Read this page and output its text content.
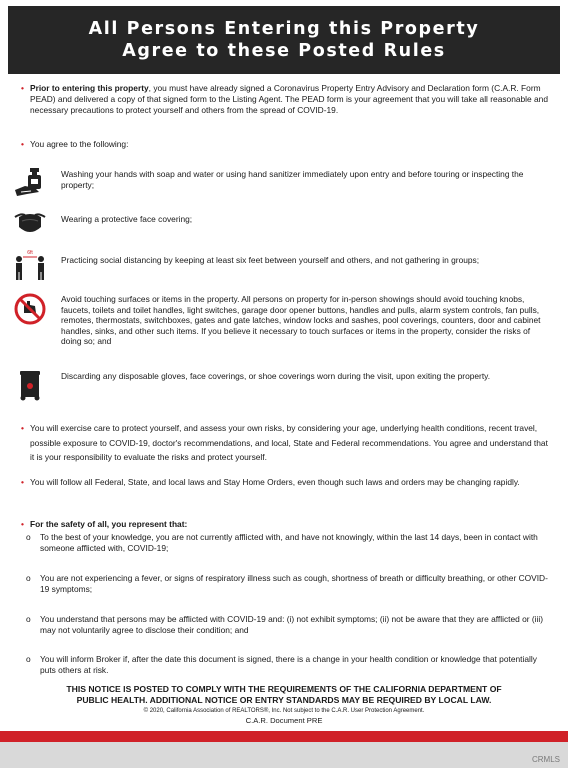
All Persons Entering this Property
Agree to these Posted Rules
• Prior to entering this property, you must have already signed a Coronavirus Property Entry Advisory and Declaration form (C.A.R. Form PEAD) and delivered a copy of that signed form to the Listing Agent. The PEAD form is your agreement that you will take all reasonable and necessary precautions to protect yourself and others from the spread of COVID-19.
• You agree to the following:
Washing your hands with soap and water or using hand sanitizer immediately upon entry and before touring or inspecting the property;
Wearing a protective face covering;
6ft
Practicing social distancing by keeping at least six feet between yourself and others, and not gathering in groups;
Avoid touching surfaces or items in the property. All persons on property for in-person showings should avoid touching knobs, faucets, toilets and toilet handles, light switches, garage door opener buttons, handles and pulls, alarm system controls, fan pulls, remotes, thermostats, switchboxes, gates and gate latches, window locks and sashes, pool coverings, counters, door and cabinet handles, sinks, and other such items. If you believe it necessary to touch surfaces or items in the property, consider the risks of doing so; and
Discarding any disposable gloves, face coverings, or shoe coverings worn during the visit, upon exiting the property.
• You will exercise care to protect yourself, and assess your own risks, by considering your age, underlying health conditions, recent travel, possible exposure to COVID-19, doctor's recommendations, and local, State and Federal recommendations. You agree and understand that it is your responsibility to evaluate the risks and protect yourself.
• You will follow all Federal, State, and local laws and Stay Home Orders, even though such laws and orders may be changing rapidly.
• For the safety of all, you represent that:
o	To the best of your knowledge, you are not currently afflicted with, and have not knowingly, within the last 14 days, been in contact with someone afflicted with, COVID-19;
o	You are not experiencing a fever, or signs of respiratory illness such as cough, shortness of breath or difficulty breathing, or other COVID-19 symptoms;
o	You understand that persons may be afflicted with COVID-19 and: (i) not exhibit symptoms; (ii) not be aware that they are afflicted or (iii) may not voluntarily agree to disclose their condition; and
o	You will inform Broker if, after the date this document is signed, there is a change in your health condition or knowledge that potentially puts others at risk.
THIS NOTICE IS POSTED TO COMPLY WITH THE REQUIREMENTS OF THE CALIFORNIA DEPARTMENT OF
PUBLIC HEALTH. ADDITIONAL NOTICE OR ENTRY STANDARDS MAY BE REQUIRED BY LOCAL LAW.
© 2020, California Association of REALTORS®, Inc. Not subject to the C.A.R. User Protection Agreement.
C.A.R. Document PRE
CRMLS
